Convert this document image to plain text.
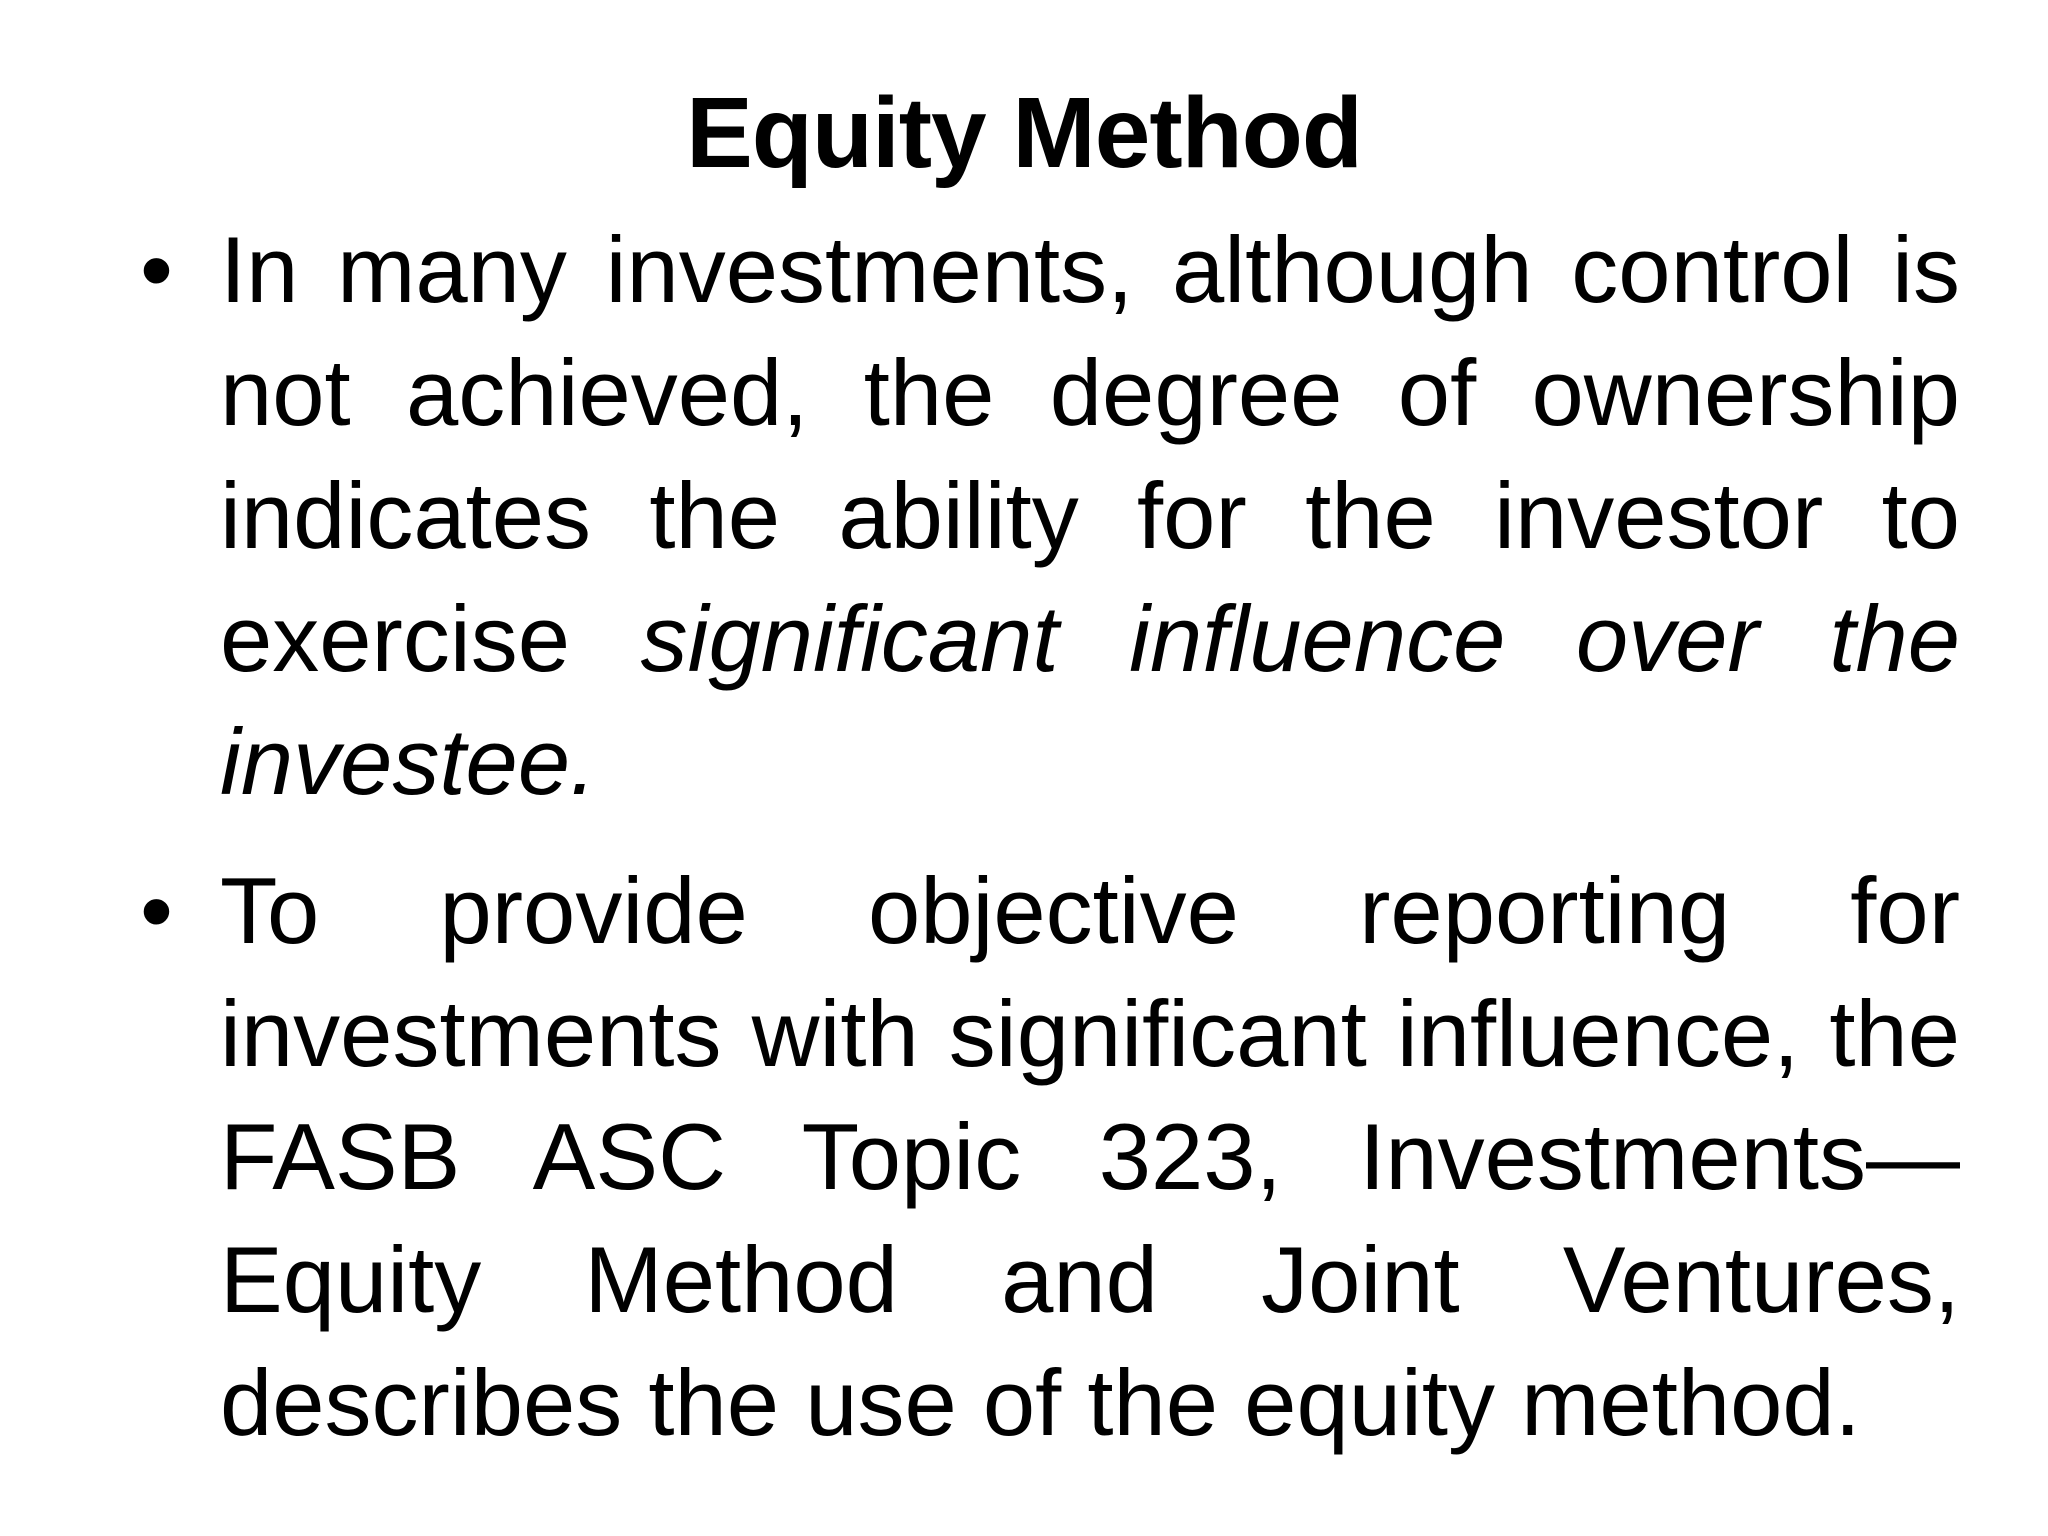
Equity Method
• In many investments, although control is not achieved, the degree of ownership indicates the ability for the investor to exercise significant influence over the investee.
• To provide objective reporting for investments with significant influence, the FASB ASC Topic 323, Investments—Equity Method and Joint Ventures, describes the use of the equity method.
